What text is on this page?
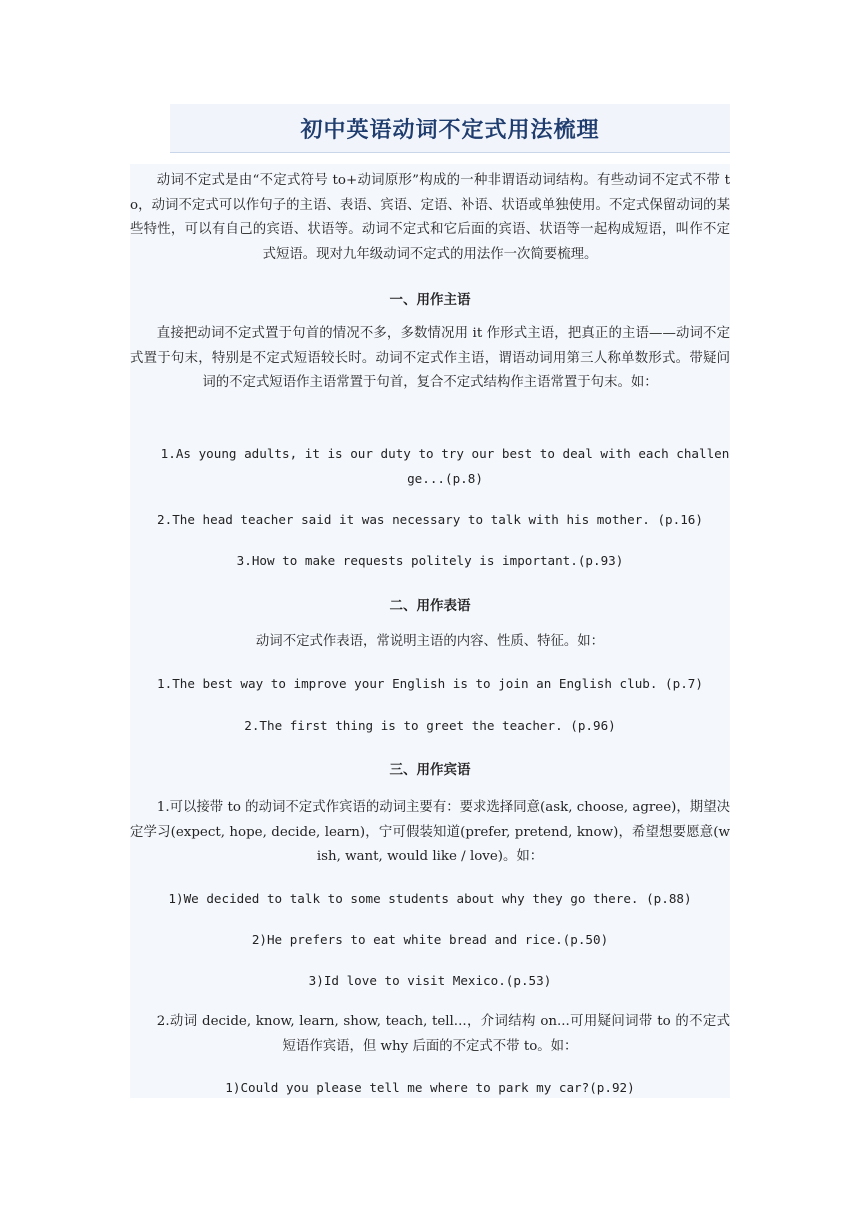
初中英语动词不定式用法梳理

动词不定式是由“不定式符号 to+动词原形”构成的一种非谓语动词结构。有些动词不定式不带 to，动词不定式可以作句子的主语、表语、宾语、定语、补语、状语或单独使用。不定式保留动词的某些特性，可以有自己的宾语、状语等。动词不定式和它后面的宾语、状语等一起构成短语，叫作不定式短语。现对九年级动词不定式的用法作一次简要梳理。

一、用作主语

直接把动词不定式置于句首的情况不多，多数情况用 it 作形式主语，把真正的主语——动词不定式置于句末，特别是不定式短语较长时。动词不定式作主语，谓语动词用第三人称单数形式。带疑问词的不定式短语作主语常置于句首，复合不定式结构作主语常置于句末。如：

1.As young adults, it is our duty to try our best to deal with each challenge...(p.8)

2.The head teacher said it was necessary to talk with his mother. (p.16)

3.How to make requests politely is important.(p.93)

二、用作表语

动词不定式作表语，常说明主语的内容、性质、特征。如：

1.The best way to improve your English is to join an English club. (p.7)

2.The first thing is to greet the teacher. (p.96)

三、用作宾语

1.可以接带 to 的动词不定式作宾语的动词主要有：要求选择同意(ask, choose, agree)，期望决定学习(expect, hope, decide, learn)，宁可假装知道(prefer, pretend, know)，希望想要愿意(wish, want, would like / love)。如：

1)We decided to talk to some students about why they go there. (p.88)

2)He prefers to eat white bread and rice.(p.50)

3)Id love to visit Mexico.(p.53)

2.动词 decide, know, learn, show, teach, tell...，介词结构 on...可用疑问词带 to 的不定式短语作宾语，但 why 后面的不定式不带 to。如：

1)Could you please tell me where to park my car?(p.92)
